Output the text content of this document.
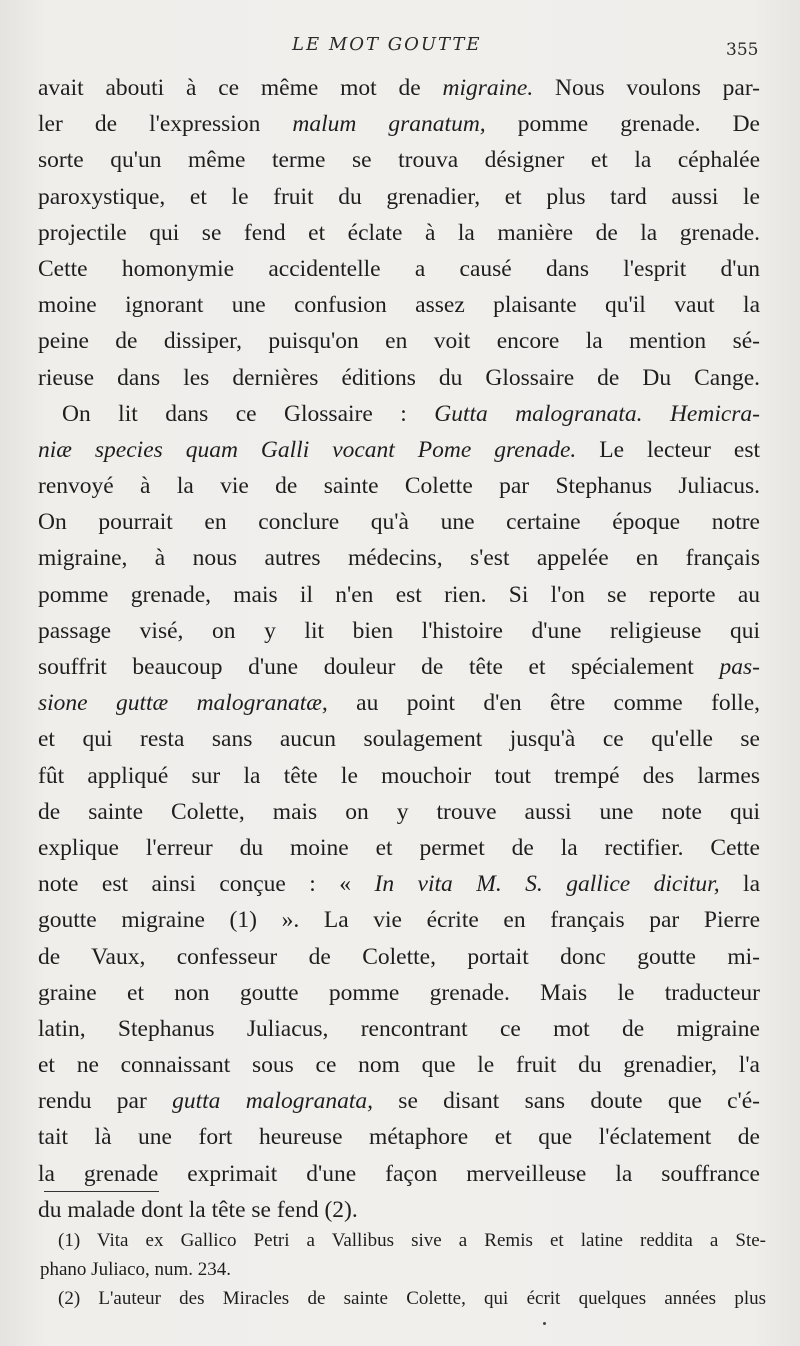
LE MOT GOUTTE	355
avait abouti à ce même mot de migraine. Nous voulons par-
ler de l'expression malum granatum, pomme grenade. De
sorte qu'un même terme se trouva désigner et la céphalée
paroxystique, et le fruit du grenadier, et plus tard aussi le
projectile qui se fend et éclate à la manière de la grenade.
Cette homonymie accidentelle a causé dans l'esprit d'un
moine ignorant une confusion assez plaisante qu'il vaut la
peine de dissiper, puisqu'on en voit encore la mention sé-
rieuse dans les dernières éditions du Glossaire de Du Cange.
On lit dans ce Glossaire : Gutta malogranata. Hemicra-
niæ species quam Galli vocant Pome grenade. Le lecteur est
renvoyé à la vie de sainte Colette par Stephanus Juliacus.
On pourrait en conclure qu'à une certaine époque notre
migraine, à nous autres médecins, s'est appelée en français
pomme grenade, mais il n'en est rien. Si l'on se reporte au
passage visé, on y lit bien l'histoire d'une religieuse qui
souffrit beaucoup d'une douleur de tête et spécialement pas-
sione guttæ malogranatæ, au point d'en être comme folle,
et qui resta sans aucun soulagement jusqu'à ce qu'elle se
fût appliqué sur la tête le mouchoir tout trempé des larmes
de sainte Colette, mais on y trouve aussi une note qui
explique l'erreur du moine et permet de la rectifier. Cette
note est ainsi conçue : « In vita M. S. gallice dicitur, la
goutte migraine (1) ». La vie écrite en français par Pierre
de Vaux, confesseur de Colette, portait donc goutte mi-
graine et non goutte pomme grenade. Mais le traducteur
latin, Stephanus Juliacus, rencontrant ce mot de migraine
et ne connaissant sous ce nom que le fruit du grenadier, l'a
rendu par gutta malogranata, se disant sans doute que c'é-
tait là une fort heureuse métaphore et que l'éclatement de
la grenade exprimait d'une façon merveilleuse la souffrance
du malade dont la tête se fend (2).
(1) Vita ex Gallico Petri a Vallibus sive a Remis et latine reddita a Ste-
phano Juliaco, num. 234.
(2) L'auteur des Miracles de sainte Colette, qui écrit quelques années plus
